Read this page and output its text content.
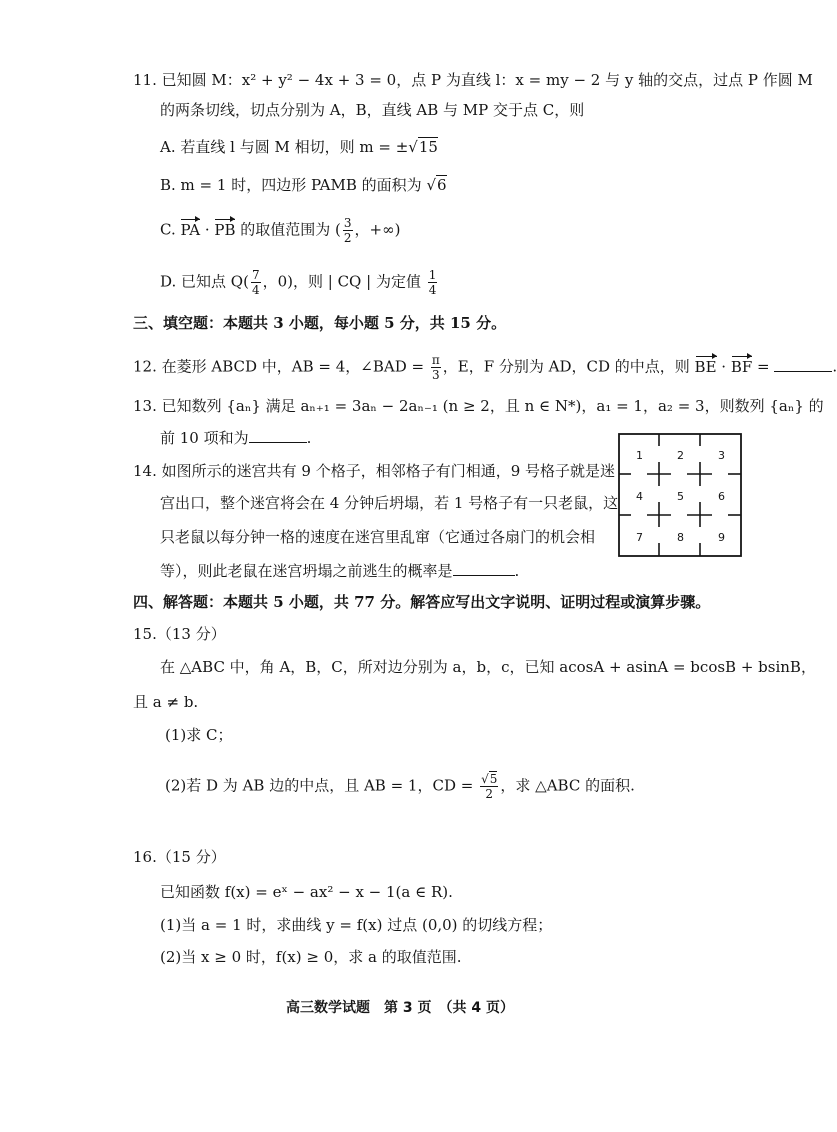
11. 已知圆 M：x² + y² − 4x + 3 = 0，点 P 为直线 l：x = my − 2 与 y 轴的交点，过点 P 作圆 M
的两条切线，切点分别为 A，B，直线 AB 与 MP 交于点 C，则
A. 若直线 l 与圆 M 相切，则 m = ±√15
B. m = 1 时，四边形 PAMB 的面积为 √6
C. PA · PB 的取值范围为 ( $\frac{3}{2}$ ，+∞)
D. 已知点 $Q( \frac{7}{4}$ ，0)，则 | CQ | 为定值 $\frac{1}{4}$
三、填空题：本题共 3 小题，每小题 5 分，共 15 分。
12. 在菱形 ABCD 中，AB = 4，∠BAD = $\frac{\pi}{3}$ ，E，F 分别为 AD，CD 的中点，则 BE · BF =	.
13. 已知数列 {aₙ} 满足 aₙ₊₁ = 3aₙ − 2aₙ₋₁ (n ≥ 2，且 n ∈ N*)，a₁ = 1，a₂ = 3，则数列 {aₙ} 的
前 10 项和为	.
14. 如图所示的迷宫共有 9 个格子，相邻格子有门相通，9 号格子就是迷
宫出口，整个迷宫将会在 4 分钟后坍塌，若 1 号格子有一只老鼠，这
只老鼠以每分钟一格的速度在迷宫里乱窜（它通过各扇门的机会相
等），则此老鼠在迷宫坍塌之前逃生的概率是	.
1	2	3
4	5	6
7	8	9
四、解答题：本题共 5 小题，共 77 分。解答应写出文字说明、证明过程或演算步骤。
15.（13 分）
在 △ABC 中，角 A，B，C，所对边分别为 a，b，c，已知 acosA + asinA = bcosB + bsinB，
且 a ≠ b.
(1)求 C；
(2)若 D 为 AB 边的中点，且 AB = 1，CD = $\frac{√5}{2}$ ，求 △ABC 的面积.
16.（15 分）
已知函数 f(x) = eˣ − ax² − x − 1(a ∈ R).
(1)当 a = 1 时，求曲线 y = f(x) 过点 (0,0) 的切线方程；
(2)当 x ≥ 0 时，f(x) ≥ 0，求 a 的取值范围.
高三数学试题　第 3 页　（共 4 页）
